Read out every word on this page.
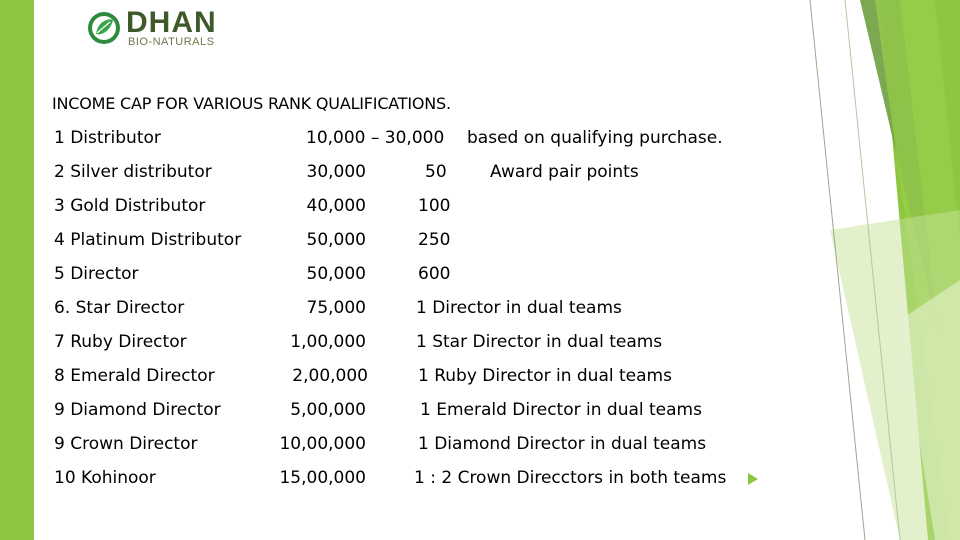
DHAN
BIO-NATURALS
INCOME CAP FOR VARIOUS RANK QUALIFICATIONS.
1 Distributor	10,000 – 30,000 based on qualifying purchase.
2 Silver distributor	30,000	50	Award pair points
3 Gold Distributor	40,000	100
4 Platinum Distributor	50,000	250
5 Director	50,000	600
6. Star Director	75,000	1 Director in dual teams
7 Ruby Director	1,00,000	1 Star Director in dual teams
8 Emerald Director	2,00,000	1 Ruby Director in dual teams
9 Diamond Director	5,00,000	1 Emerald Director in dual teams
9 Crown Director	10,00,000	1 Diamond Director in dual teams
10 Kohinoor	15,00,000	1 : 2 Crown Direcctors in both teams
